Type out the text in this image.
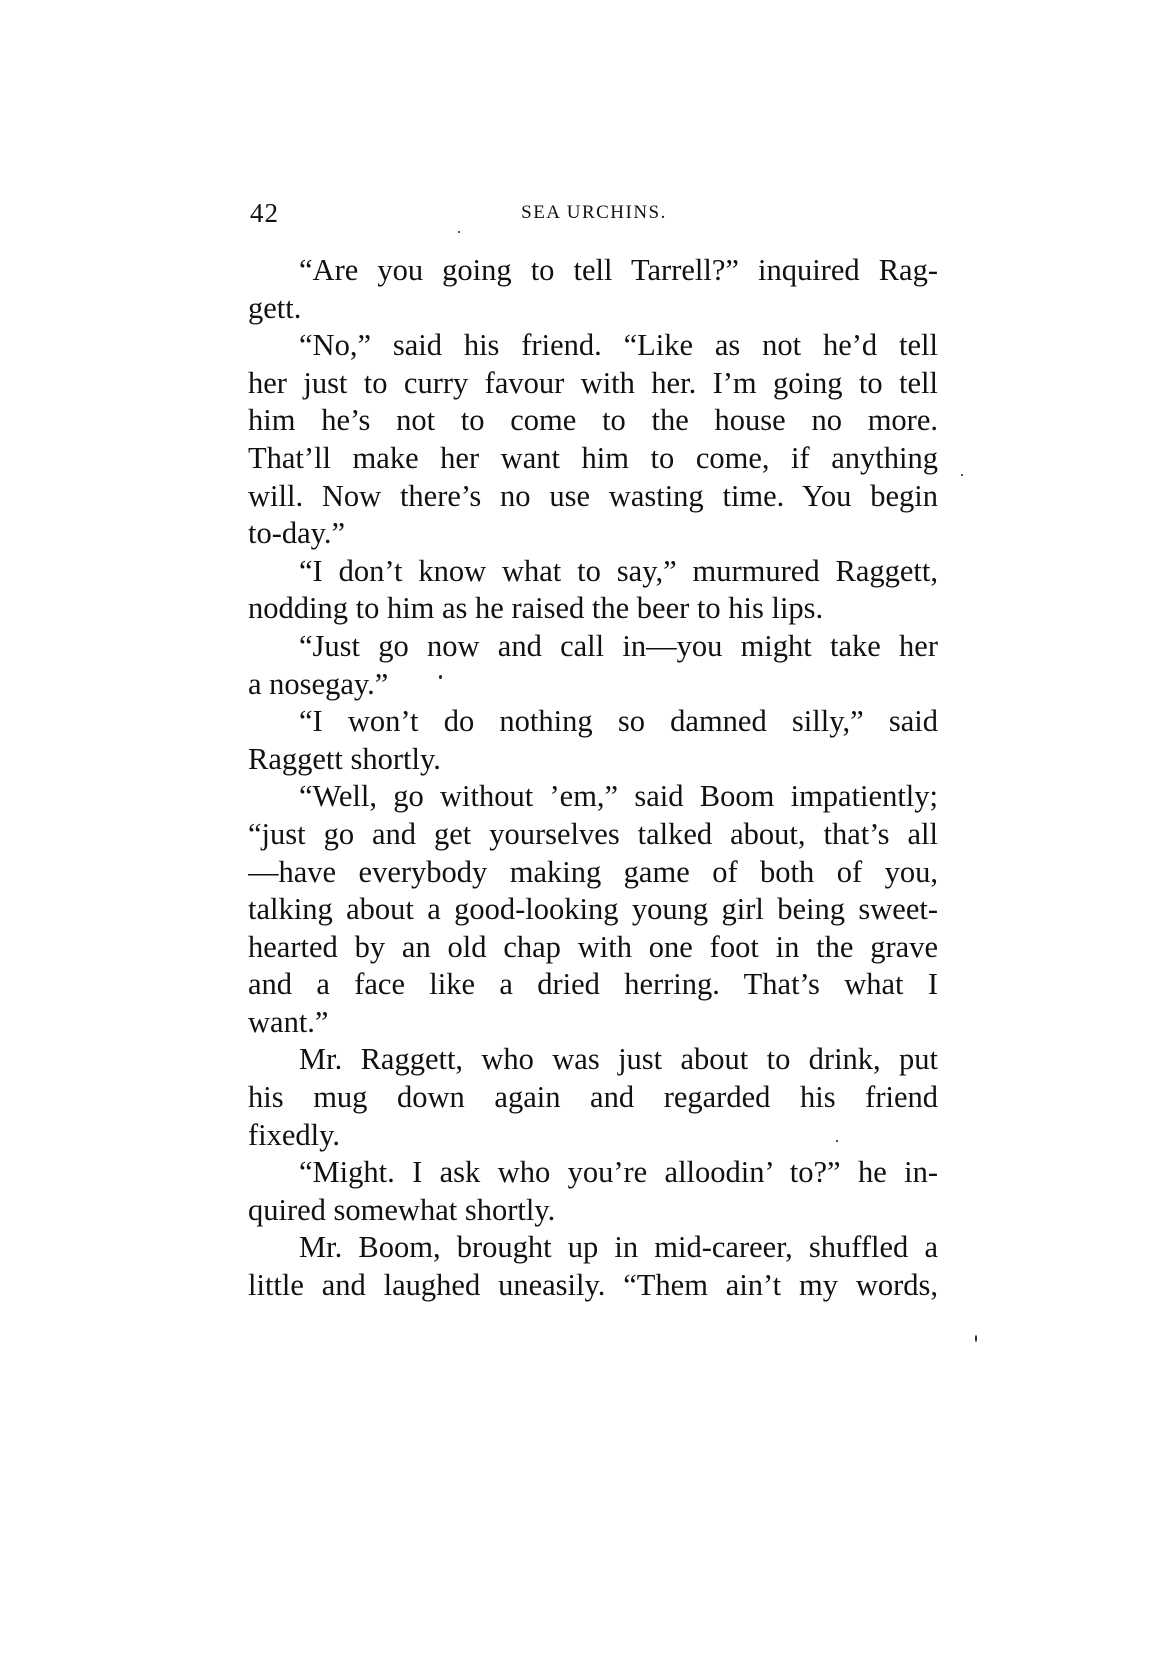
42	SEA URCHINS.
“Are you going to tell Tarrell?” inquired Rag-
gett.
“No,” said his friend. “Like as not he’d tell
her just to curry favour with her. I’m going to tell
him he’s not to come to the house no more.
That’ll make her want him to come, if anything
will. Now there’s no use wasting time. You begin
to-day.”
“I don’t know what to say,” murmured Raggett,
nodding to him as he raised the beer to his lips.
“Just go now and call in—you might take her
a nosegay.”
“I won’t do nothing so damned silly,” said
Raggett shortly.
“Well, go without ’em,” said Boom impatiently;
“just go and get yourselves talked about, that’s all
—have everybody making game of both of you,
talking about a good-looking young girl being sweet-
hearted by an old chap with one foot in the grave
and a face like a dried herring. That’s what I
want.”
Mr. Raggett, who was just about to drink, put
his mug down again and regarded his friend
fixedly.
“Might. I ask who you’re alloodin’ to?” he in-
quired somewhat shortly.
Mr. Boom, brought up in mid-career, shuffled a
little and laughed uneasily. “Them ain’t my words,
